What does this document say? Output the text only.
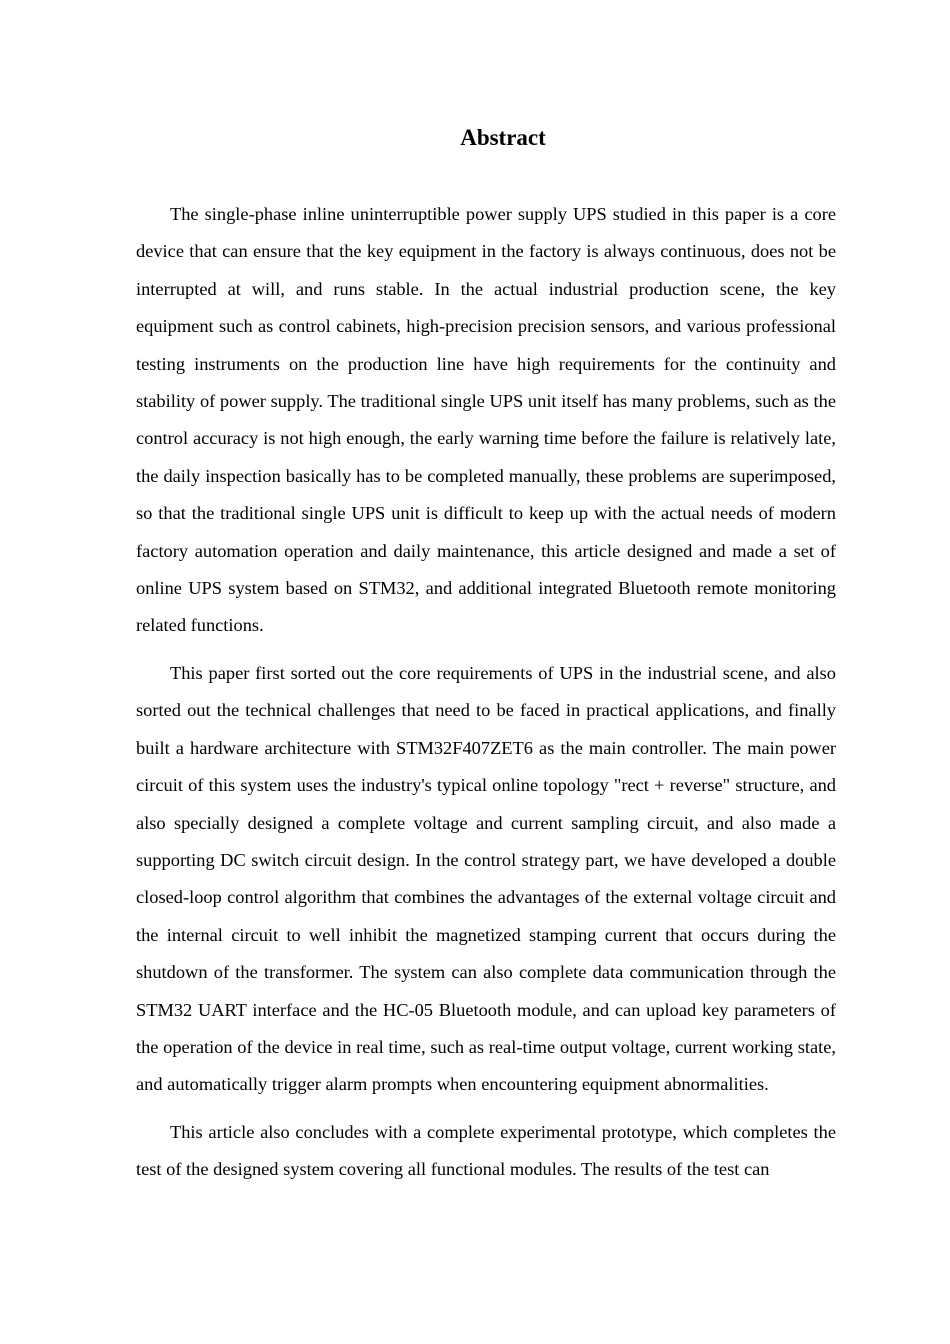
Abstract

The single-phase inline uninterruptible power supply UPS studied in this paper is a core device that can ensure that the key equipment in the factory is always continuous, does not be interrupted at will, and runs stable. In the actual industrial production scene, the key equipment such as control cabinets, high-precision precision sensors, and various professional testing instruments on the production line have high requirements for the continuity and stability of power supply. The traditional single UPS unit itself has many problems, such as the control accuracy is not high enough, the early warning time before the failure is relatively late, the daily inspection basically has to be completed manually, these problems are superimposed, so that the traditional single UPS unit is difficult to keep up with the actual needs of modern factory automation operation and daily maintenance, this article designed and made a set of online UPS system based on STM32, and additional integrated Bluetooth remote monitoring related functions.

This paper first sorted out the core requirements of UPS in the industrial scene, and also sorted out the technical challenges that need to be faced in practical applications, and finally built a hardware architecture with STM32F407ZET6 as the main controller. The main power circuit of this system uses the industry's typical online topology "rect + reverse" structure, and also specially designed a complete voltage and current sampling circuit, and also made a supporting DC switch circuit design. In the control strategy part, we have developed a double closed-loop control algorithm that combines the advantages of the external voltage circuit and the internal circuit to well inhibit the magnetized stamping current that occurs during the shutdown of the transformer. The system can also complete data communication through the STM32 UART interface and the HC-05 Bluetooth module, and can upload key parameters of the operation of the device in real time, such as real-time output voltage, current working state, and automatically trigger alarm prompts when encountering equipment abnormalities.

This article also concludes with a complete experimental prototype, which completes the test of the designed system covering all functional modules. The results of the test can
